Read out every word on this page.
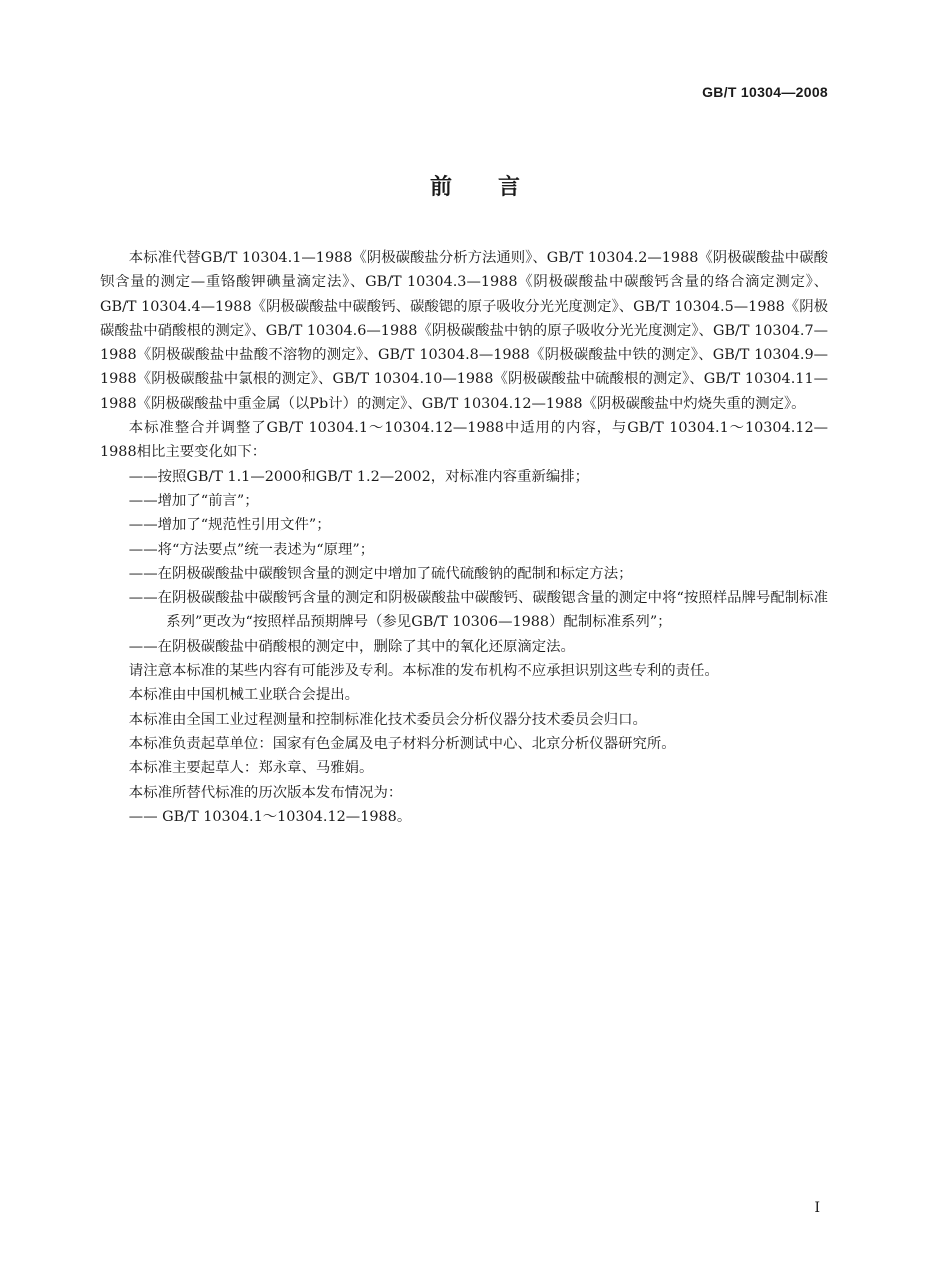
GB/T 10304—2008
前言

本标准代替GB/T 10304.1—1988《阴极碳酸盐分析方法通则》、GB/T 10304.2—1988《阴极碳酸盐中碳酸钡含量的测定—重铬酸钾碘量滴定法》、GB/T 10304.3—1988《阴极碳酸盐中碳酸钙含量的络合滴定测定》、GB/T 10304.4—1988《阴极碳酸盐中碳酸钙、碳酸锶的原子吸收分光光度测定》、GB/T 10304.5—1988《阴极碳酸盐中硝酸根的测定》、GB/T 10304.6—1988《阴极碳酸盐中钠的原子吸收分光光度测定》、GB/T 10304.7—1988《阴极碳酸盐中盐酸不溶物的测定》、GB/T 10304.8—1988《阴极碳酸盐中铁的测定》、GB/T 10304.9—1988《阴极碳酸盐中氯根的测定》、GB/T 10304.10—1988《阴极碳酸盐中硫酸根的测定》、GB/T 10304.11—1988《阴极碳酸盐中重金属（以Pb计）的测定》、GB/T 10304.12—1988《阴极碳酸盐中灼烧失重的测定》。

本标准整合并调整了GB/T 10304.1～10304.12—1988中适用的内容，与GB/T 10304.1～10304.12—1988相比主要变化如下：

——按照GB/T 1.1—2000和GB/T 1.2—2002，对标准内容重新编排；

——增加了“前言”；

——增加了“规范性引用文件”；

——将“方法要点”统一表述为“原理”；

——在阴极碳酸盐中碳酸钡含量的测定中增加了硫代硫酸钠的配制和标定方法；

——在阴极碳酸盐中碳酸钙含量的测定和阴极碳酸盐中碳酸钙、碳酸锶含量的测定中将“按照样品牌号配制标准系列”更改为“按照样品预期牌号（参见GB/T 10306—1988）配制标准系列”；

——在阴极碳酸盐中硝酸根的测定中，删除了其中的氧化还原滴定法。

请注意本标准的某些内容有可能涉及专利。本标准的发布机构不应承担识别这些专利的责任。

本标准由中国机械工业联合会提出。

本标准由全国工业过程测量和控制标准化技术委员会分析仪器分技术委员会归口。

本标准负责起草单位：国家有色金属及电子材料分析测试中心、北京分析仪器研究所。

本标准主要起草人：郑永章、马雅娟。

本标准所替代标准的历次版本发布情况为：

—— GB/T 10304.1～10304.12—1988。

I
